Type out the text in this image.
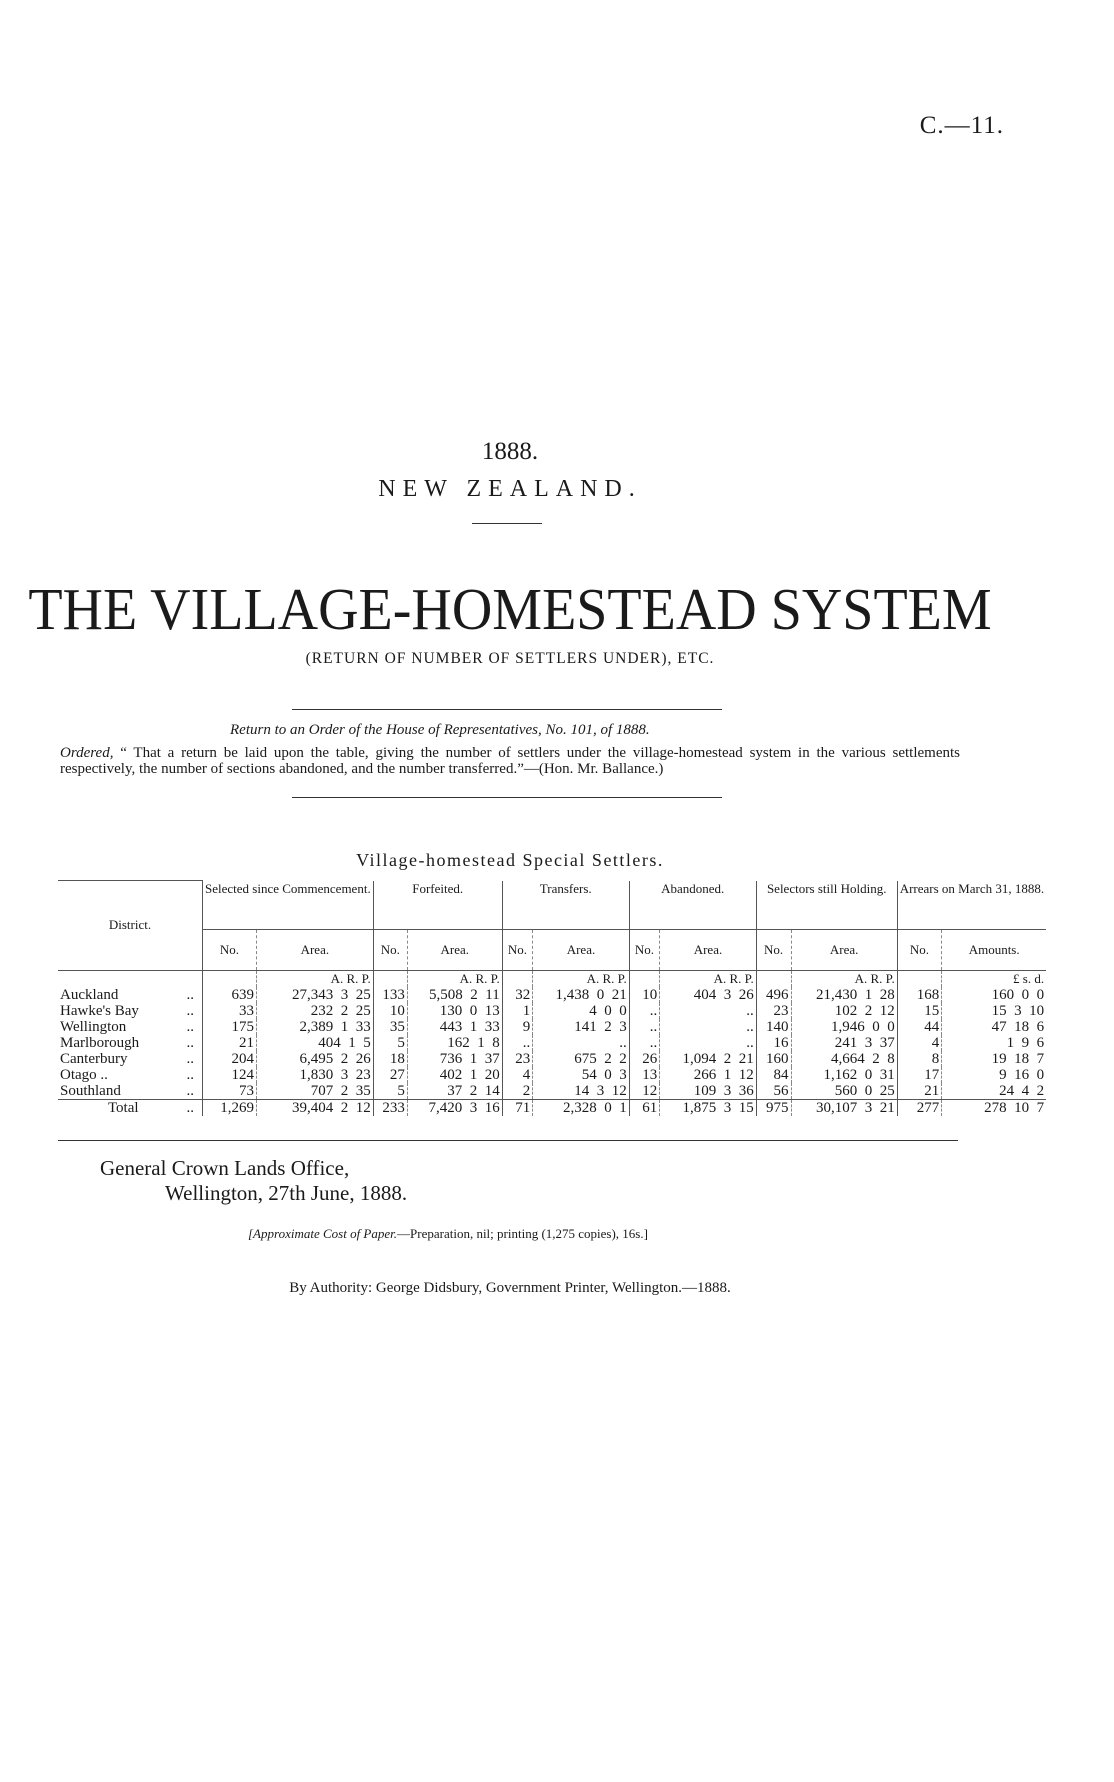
C.—11.
1888.
NEW ZEALAND.
THE VILLAGE-HOMESTEAD SYSTEM
(RETURN OF NUMBER OF SETTLERS UNDER), ETC.
Return to an Order of the House of Representatives, No. 101, of 1888.
Ordered, “ That a return be laid upon the table, giving the number of settlers under the village-homestead system in the various settlements respectively, the number of sections abandoned, and the number transferred.”—(Hon. Mr. Ballance.)
Village-homestead Special Settlers.
District.	Selected since Commencement.		Forfeited.		Transfers.		Abandoned.		Selectors still Holding.		Arrears on March 31, 1888.	
	No.	Area.	No.	Area.	No.	Area.	No.	Area.	No.	Area.	No.	Amounts.
		A. R. P.		A. R. P.		A. R. P.		A. R. P.		A. R. P.		£ s. d.
Auckland ..	639	27,343  3  25	133	5,508  2  11	32	1,438  0  21	10	404  3  26	496	21,430  1  28	168	160  0  0
Hawke's Bay ..	33	232  2  25	10	130  0  13	1	4  0  0	..	..	23	102  2  12	15	15  3  10
Wellington ..	175	2,389  1  33	35	443  1  33	9	141  2  3	..	..	140	1,946  0  0	44	47  18  6
Marlborough ..	21	404  1  5	5	162  1  8	..	..	..	..	16	241  3  37	4	1  9  6
Canterbury ..	204	6,495  2  26	18	736  1  37	23	675  2  2	26	1,094  2  21	160	4,664  2  8	8	19  18  7
Otago .. ..	124	1,830  3  23	27	402  1  20	4	54  0  3	13	266  1  12	84	1,162  0  31	17	9  16  0
Southland ..	73	707  2  35	5	37  2  14	2	14  3  12	12	109  3  36	56	560  0  25	21	24  4  2
Total ..	1,269	39,404  2  12	233	7,420  3  16	71	2,328  0  1	61	1,875  3  15	975	30,107  3  21	277	278  10  7
General Crown Lands Office,
Wellington, 27th June, 1888.
[Approximate Cost of Paper.—Preparation, nil; printing (1,275 copies), 16s.]
By Authority: George Didsbury, Government Printer, Wellington.—1888.
